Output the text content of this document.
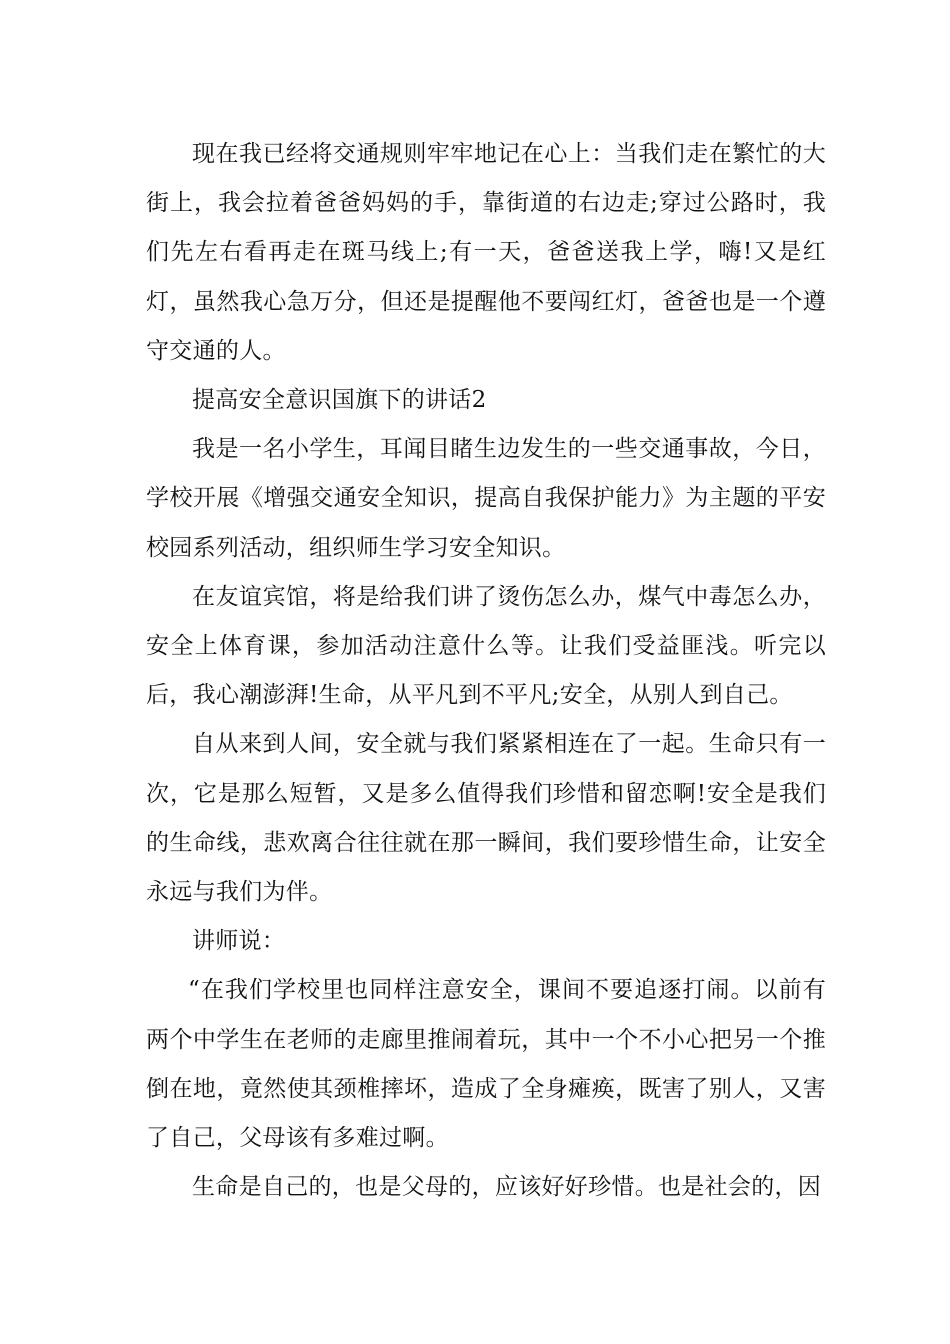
现在我已经将交通规则牢牢地记在心上：当我们走在繁忙的大街上，我会拉着爸爸妈妈的手，靠街道的右边走;穿过公路时，我们先左右看再走在斑马线上;有一天，爸爸送我上学，嗨!又是红灯，虽然我心急万分，但还是提醒他不要闯红灯，爸爸也是一个遵守交通的人。

提高安全意识国旗下的讲话2

我是一名小学生，耳闻目睹生边发生的一些交通事故，今日，学校开展《增强交通安全知识，提高自我保护能力》为主题的平安校园系列活动，组织师生学习安全知识。

在友谊宾馆，将是给我们讲了烫伤怎么办，煤气中毒怎么办，安全上体育课，参加活动注意什么等。让我们受益匪浅。听完以后，我心潮澎湃!生命，从平凡到不平凡;安全，从别人到自己。

自从来到人间，安全就与我们紧紧相连在了一起。生命只有一次，它是那么短暂，又是多么值得我们珍惜和留恋啊!安全是我们的生命线，悲欢离合往往就在那一瞬间，我们要珍惜生命，让安全永远与我们为伴。

讲师说：

“在我们学校里也同样注意安全，课间不要追逐打闹。以前有两个中学生在老师的走廊里推闹着玩，其中一个不小心把另一个推倒在地，竟然使其颈椎摔坏，造成了全身瘫痪，既害了别人，又害了自己，父母该有多难过啊。

生命是自己的，也是父母的，应该好好珍惜。也是社会的，因
